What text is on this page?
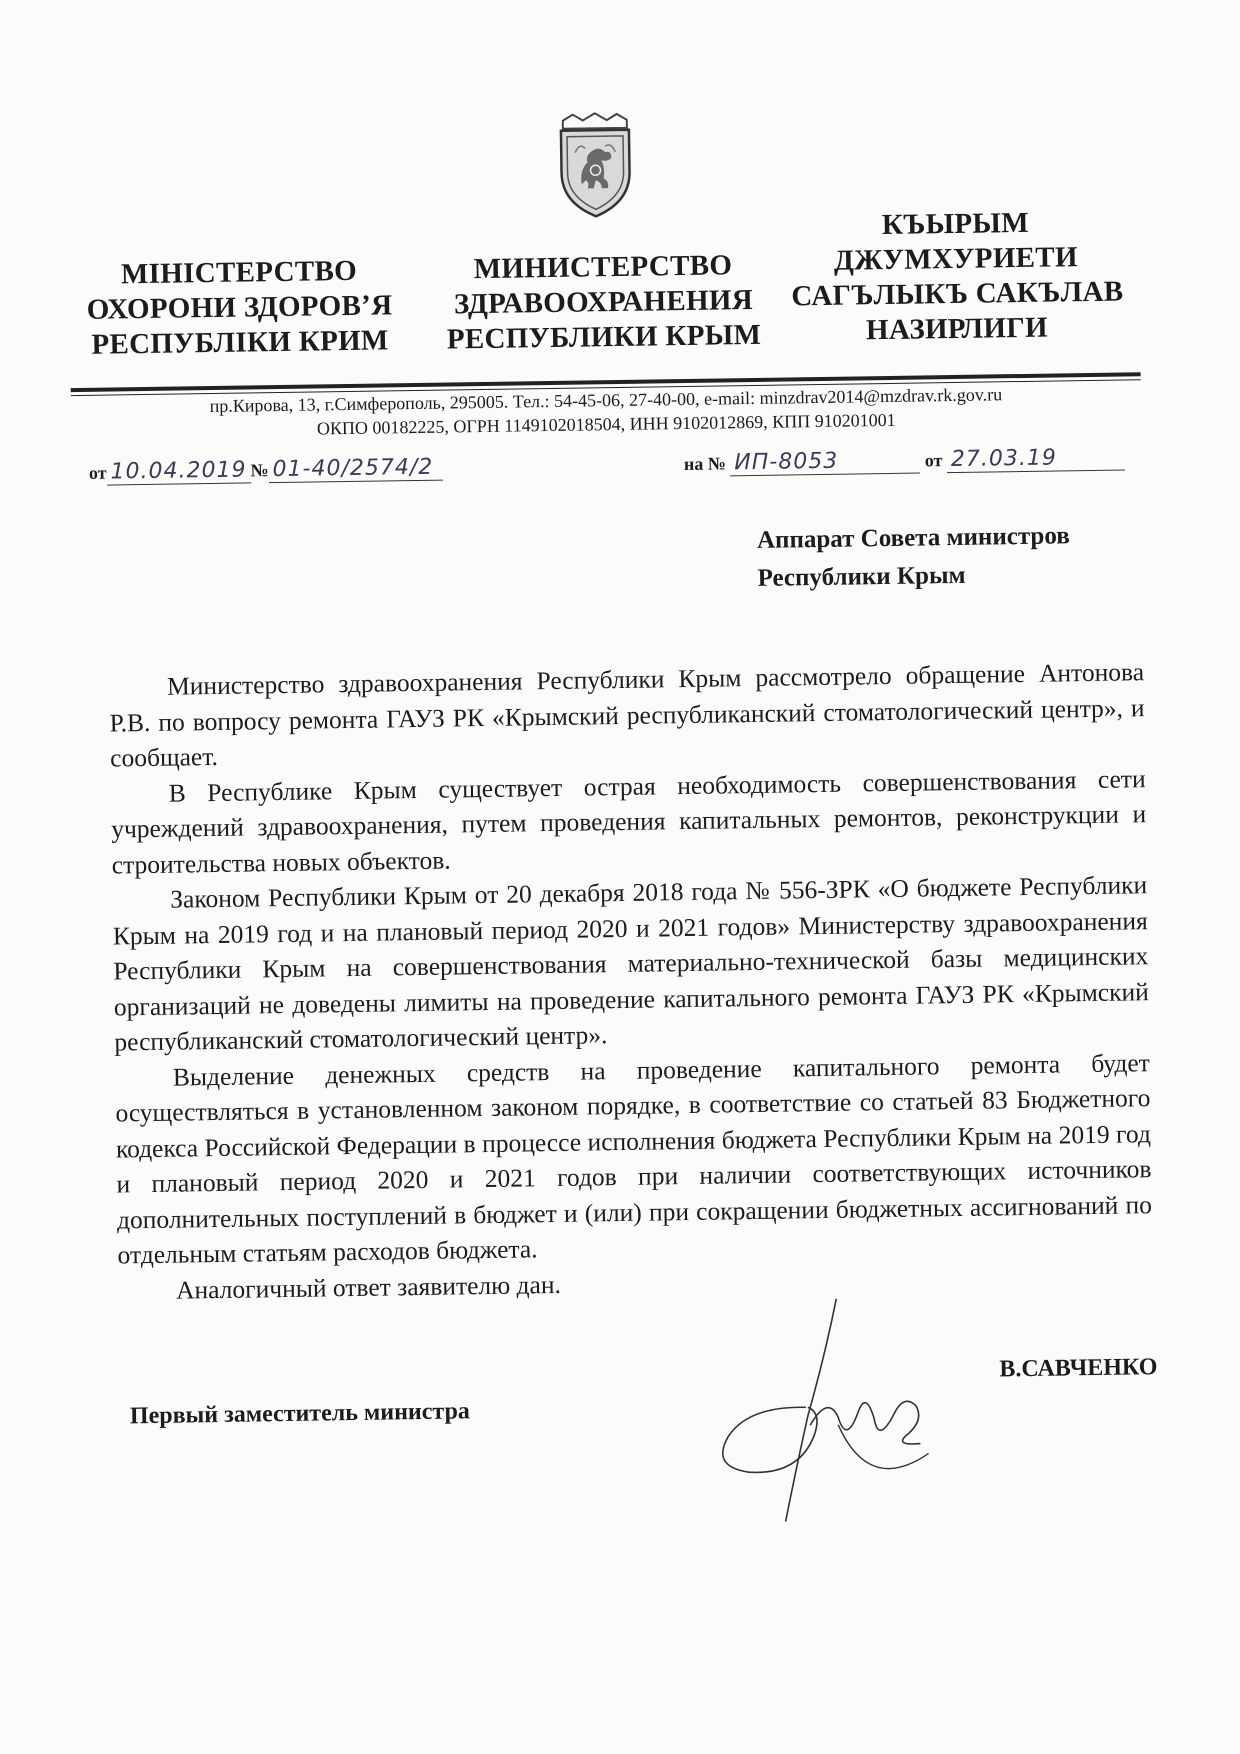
МІНІСТЕРСТВО
ОХОРОНИ ЗДОРОВ’Я
РЕСПУБЛІКИ КРИМ
МИНИСТЕРСТВО
ЗДРАВООХРАНЕНИЯ
РЕСПУБЛИКИ КРЫМ
КЪЫРЫМ
ДЖУМХУРИЕТИ
САГЪЛЫКЪ САКЪЛАВ
НАЗИРЛИГИ
пр.Кирова, 13, г.Симферополь, 295005. Тел.: 54-45-06, 27-40-00, e-mail: minzdrav2014@mzdrav.rk.gov.ru
ОКПО 00182225, ОГРН 1149102018504, ИНН 9102012869, КПП 910201001
от 10.04.2019 № 01-40/2574/2	на № ИП-8053	от 27.03.19
Аппарат Совета министров
Республики Крым

Министерство здравоохранения Республики Крым рассмотрело обращение Антонова Р.В. по вопросу ремонта ГАУЗ РК «Крымский республиканский стоматологический центр», и сообщает.

В Республике Крым существует острая необходимость совершенствования сети учреждений здравоохранения, путем проведения капитальных ремонтов, реконструкции и строительства новых объектов.

Законом Республики Крым от 20 декабря 2018 года № 556-ЗРК «О бюджете Республики Крым на 2019 год и на плановый период 2020 и 2021 годов» Министерству здравоохранения Республики Крым на совершенствования материально-технической базы медицинских организаций не доведены лимиты на проведение капитального ремонта ГАУЗ РК «Крымский республиканский стоматологический центр».

Выделение денежных средств на проведение капитального ремонта будет осуществляться в установленном законом порядке, в соответствие со статьей 83 Бюджетного кодекса Российской Федерации в процессе исполнения бюджета Республики Крым на 2019 год и плановый период 2020 и 2021 годов при наличии соответствующих источников дополнительных поступлений в бюджет и (или) при сокращении бюджетных ассигнований по отдельным статьям расходов бюджета.

Аналогичный ответ заявителю дан.

Первый заместитель министра
В.САВЧЕНКО
